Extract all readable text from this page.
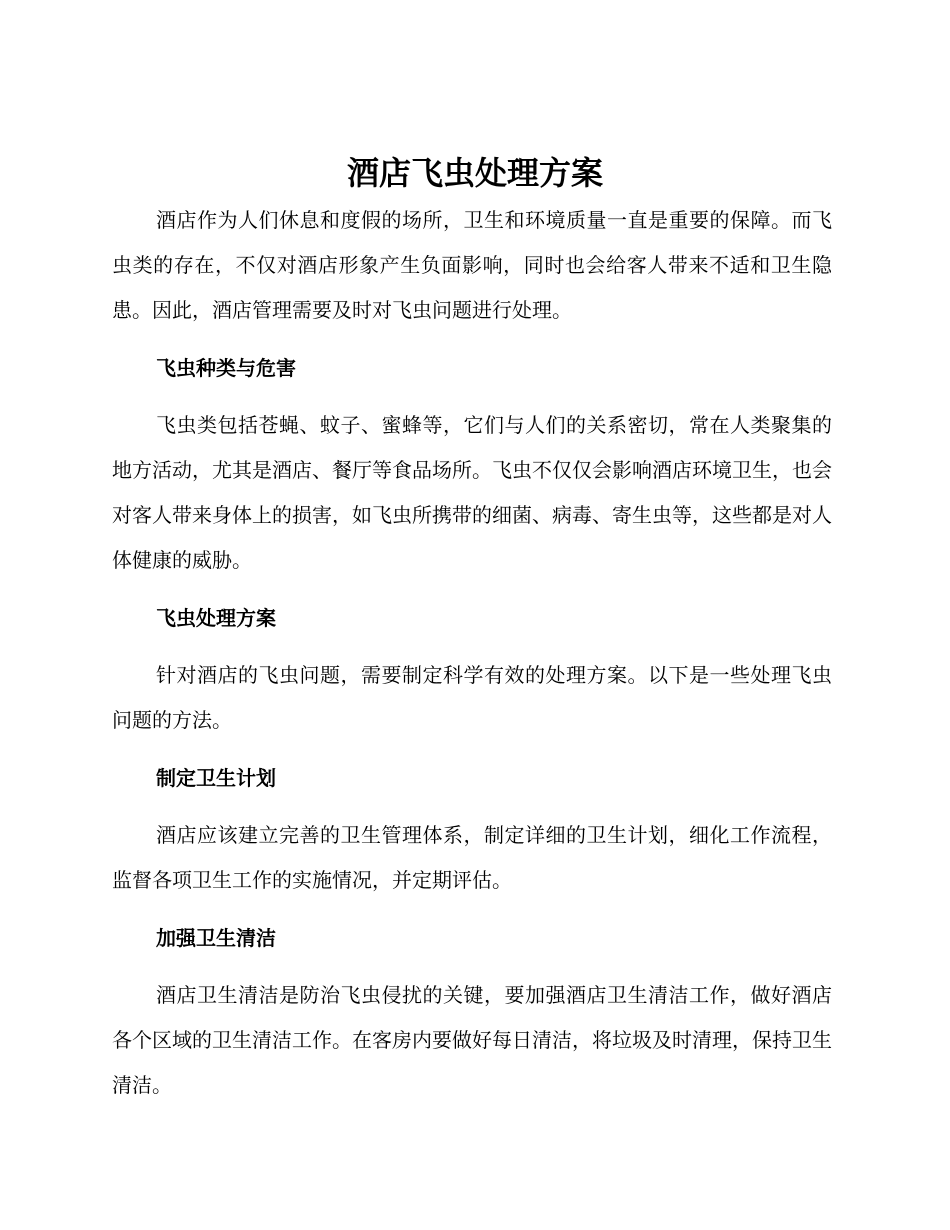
酒店飞虫处理方案

酒店作为人们休息和度假的场所，卫生和环境质量一直是重要的保障。而飞虫类的存在，不仅对酒店形象产生负面影响，同时也会给客人带来不适和卫生隐患。因此，酒店管理需要及时对飞虫问题进行处理。

飞虫种类与危害

飞虫类包括苍蝇、蚊子、蜜蜂等，它们与人们的关系密切，常在人类聚集的地方活动，尤其是酒店、餐厅等食品场所。飞虫不仅仅会影响酒店环境卫生，也会对客人带来身体上的损害，如飞虫所携带的细菌、病毒、寄生虫等，这些都是对人体健康的威胁。

飞虫处理方案

针对酒店的飞虫问题，需要制定科学有效的处理方案。以下是一些处理飞虫问题的方法。

制定卫生计划

酒店应该建立完善的卫生管理体系，制定详细的卫生计划，细化工作流程，监督各项卫生工作的实施情况，并定期评估。

加强卫生清洁

酒店卫生清洁是防治飞虫侵扰的关键，要加强酒店卫生清洁工作，做好酒店各个区域的卫生清洁工作。在客房内要做好每日清洁，将垃圾及时清理，保持卫生清洁。
